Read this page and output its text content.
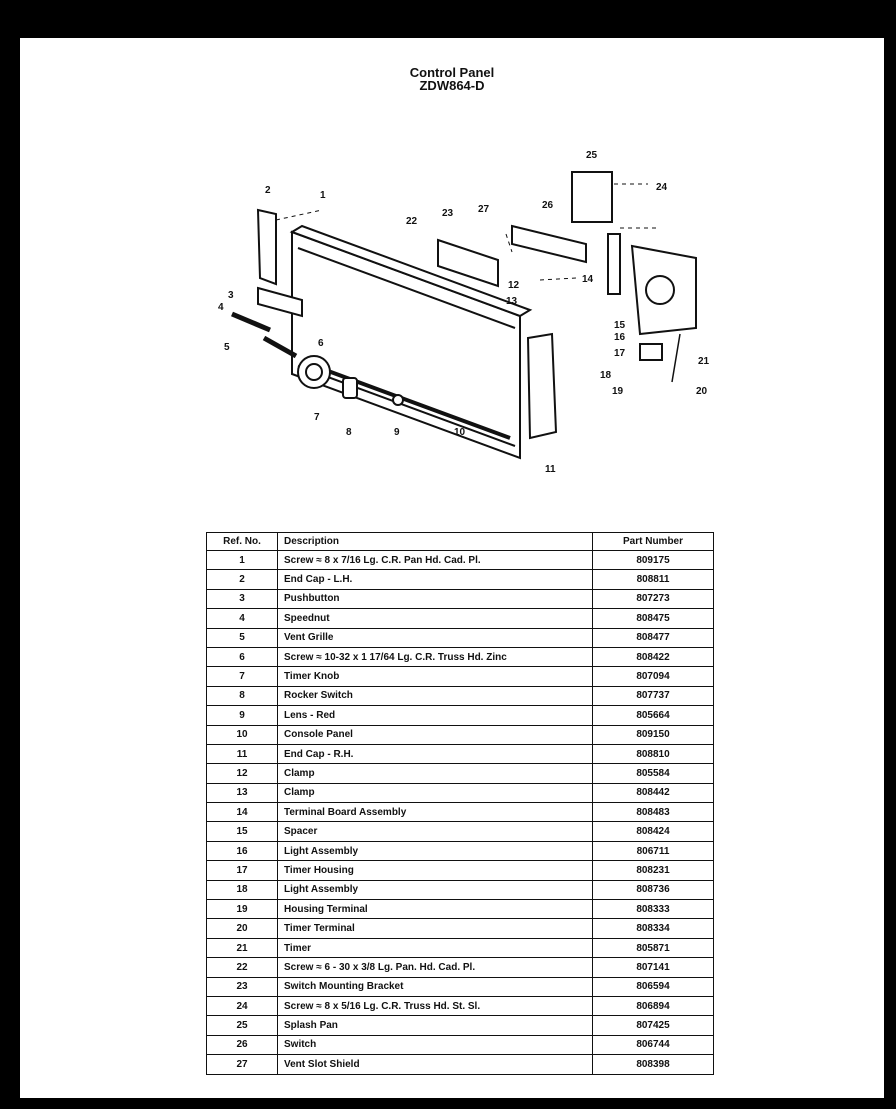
Control Panel
ZDW864-D
1
2
3
4
5	6
7
8	9	10
11
12
13
14
15
16
17
18
19	20
21
22
23
24
25
26
27
Ref. No.	Description	Part Number
1	Screw ≈ 8 x 7/16 Lg. C.R. Pan Hd. Cad. Pl.	809175
2	End Cap - L.H.	808811
3	Pushbutton	807273
4	Speednut	808475
5	Vent Grille	808477
6	Screw ≈ 10-32 x 1 17/64 Lg. C.R. Truss Hd. Zinc	808422
7	Timer Knob	807094
8	Rocker Switch	807737
9	Lens - Red	805664
10	Console Panel	809150
11	End Cap - R.H.	808810
12	Clamp	805584
13	Clamp	808442
14	Terminal Board Assembly	808483
15	Spacer	808424
16	Light Assembly	806711
17	Timer Housing	808231
18	Light Assembly	808736
19	Housing Terminal	808333
20	Timer Terminal	808334
21	Timer	805871
22	Screw ≈ 6 - 30 x 3/8 Lg. Pan. Hd. Cad. Pl.	807141
23	Switch Mounting Bracket	806594
24	Screw ≈ 8 x 5/16 Lg. C.R. Truss Hd. St. Sl.	806894
25	Splash Pan	807425
26	Switch	806744
27	Vent Slot Shield	808398
